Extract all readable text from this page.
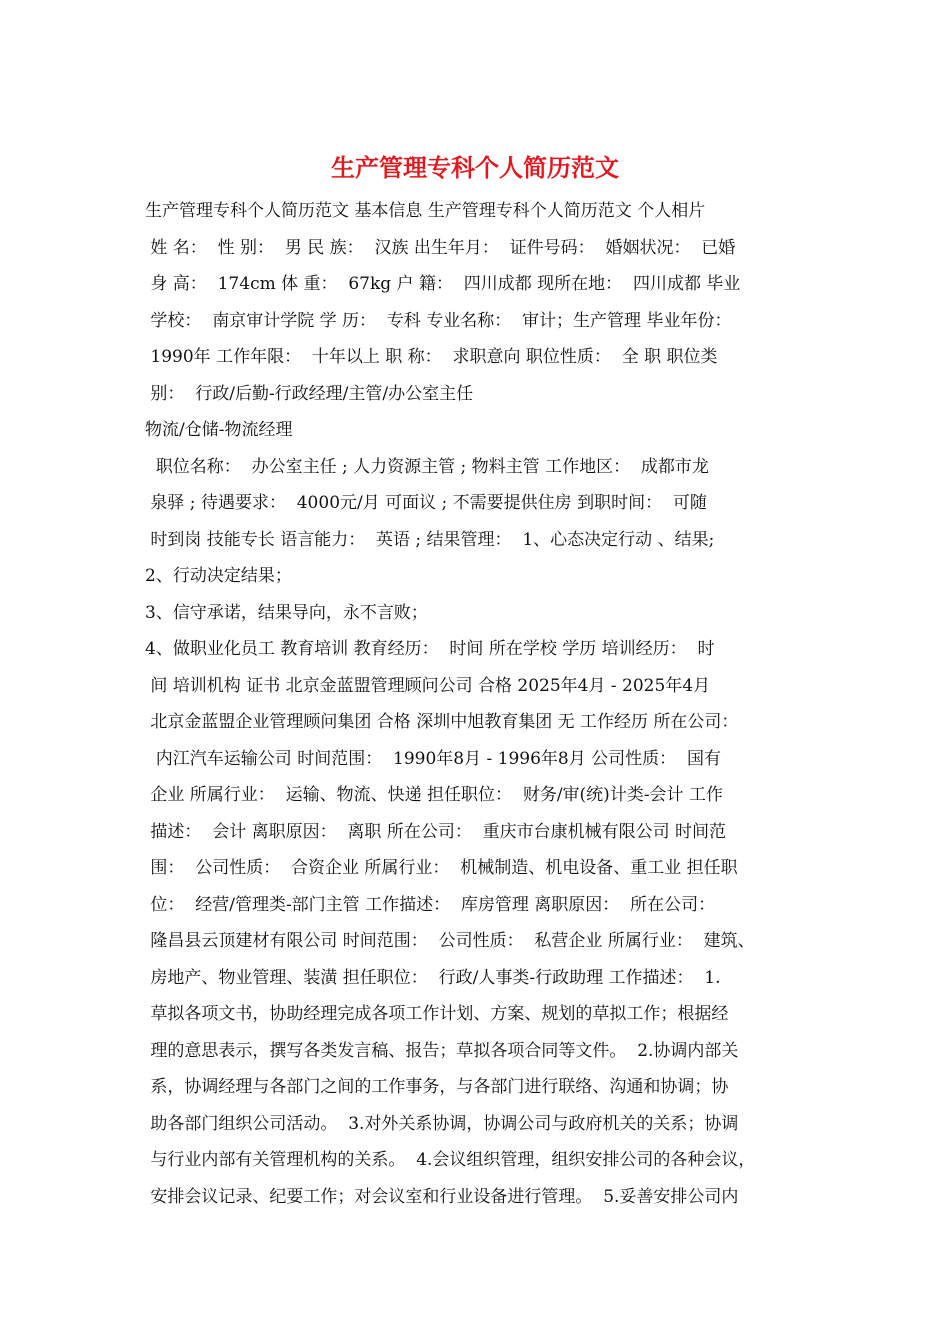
生产管理专科个人简历范文
生产管理专科个人简历范文 基本信息 生产管理专科个人简历范文 个人相片
姓 名：  性 别：  男 民 族：  汉族 出生年月：  证件号码：  婚姻状况：  已婚
身 高：  174cm 体 重：  67kg 户 籍：  四川成都 现所在地：  四川成都 毕业
学校：  南京审计学院 学 历：  专科 专业名称：  审计；生产管理 毕业年份：
1990年 工作年限：  十年以上 职 称：  求职意向 职位性质：  全 职 职位类
别：  行政/后勤-行政经理/主管/办公室主任
物流/仓储-物流经理
职位名称：  办公室主任 ; 人力资源主管 ; 物料主管 工作地区：  成都市龙
泉驿 ; 待遇要求：  4000元/月 可面议 ; 不需要提供住房 到职时间：  可随
时到岗 技能专长 语言能力：  英语 ; 结果管理：  1、心态决定行动 、结果;
2、行动决定结果；
3、信守承诺，结果导向，永不言败；
4、做职业化员工 教育培训 教育经历：  时间 所在学校 学历 培训经历：  时
间 培训机构 证书 北京金蓝盟管理顾问公司 合格 2025年4月 - 2025年4月
北京金蓝盟企业管理顾问集团 合格 深圳中旭教育集团 无 工作经历 所在公司：
内江汽车运输公司 时间范围：  1990年8月 - 1996年8月 公司性质：  国有
企业 所属行业：  运输、物流、快递 担任职位：  财务/审(统)计类-会计 工作
描述：  会计 离职原因：  离职 所在公司：  重庆市台康机械有限公司 时间范
围：  公司性质：  合资企业 所属行业：  机械制造、机电设备、重工业 担任职
位：  经营/管理类-部门主管 工作描述：  库房管理 离职原因：  所在公司：
隆昌县云顶建材有限公司 时间范围：  公司性质：  私营企业 所属行业：  建筑、
房地产、物业管理、装潢 担任职位：  行政/人事类-行政助理 工作描述：  1.
草拟各项文书，协助经理完成各项工作计划、方案、规划的草拟工作；根据经
理的意思表示，撰写各类发言稿、报告；草拟各项合同等文件。  2.协调内部关
系，协调经理与各部门之间的工作事务，与各部门进行联络、沟通和协调；协
助各部门组织公司活动。  3.对外关系协调，协调公司与政府机关的关系；协调
与行业内部有关管理机构的关系。  4.会议组织管理，组织安排公司的各种会议，
安排会议记录、纪要工作；对会议室和行业设备进行管理。  5.妥善安排公司内
